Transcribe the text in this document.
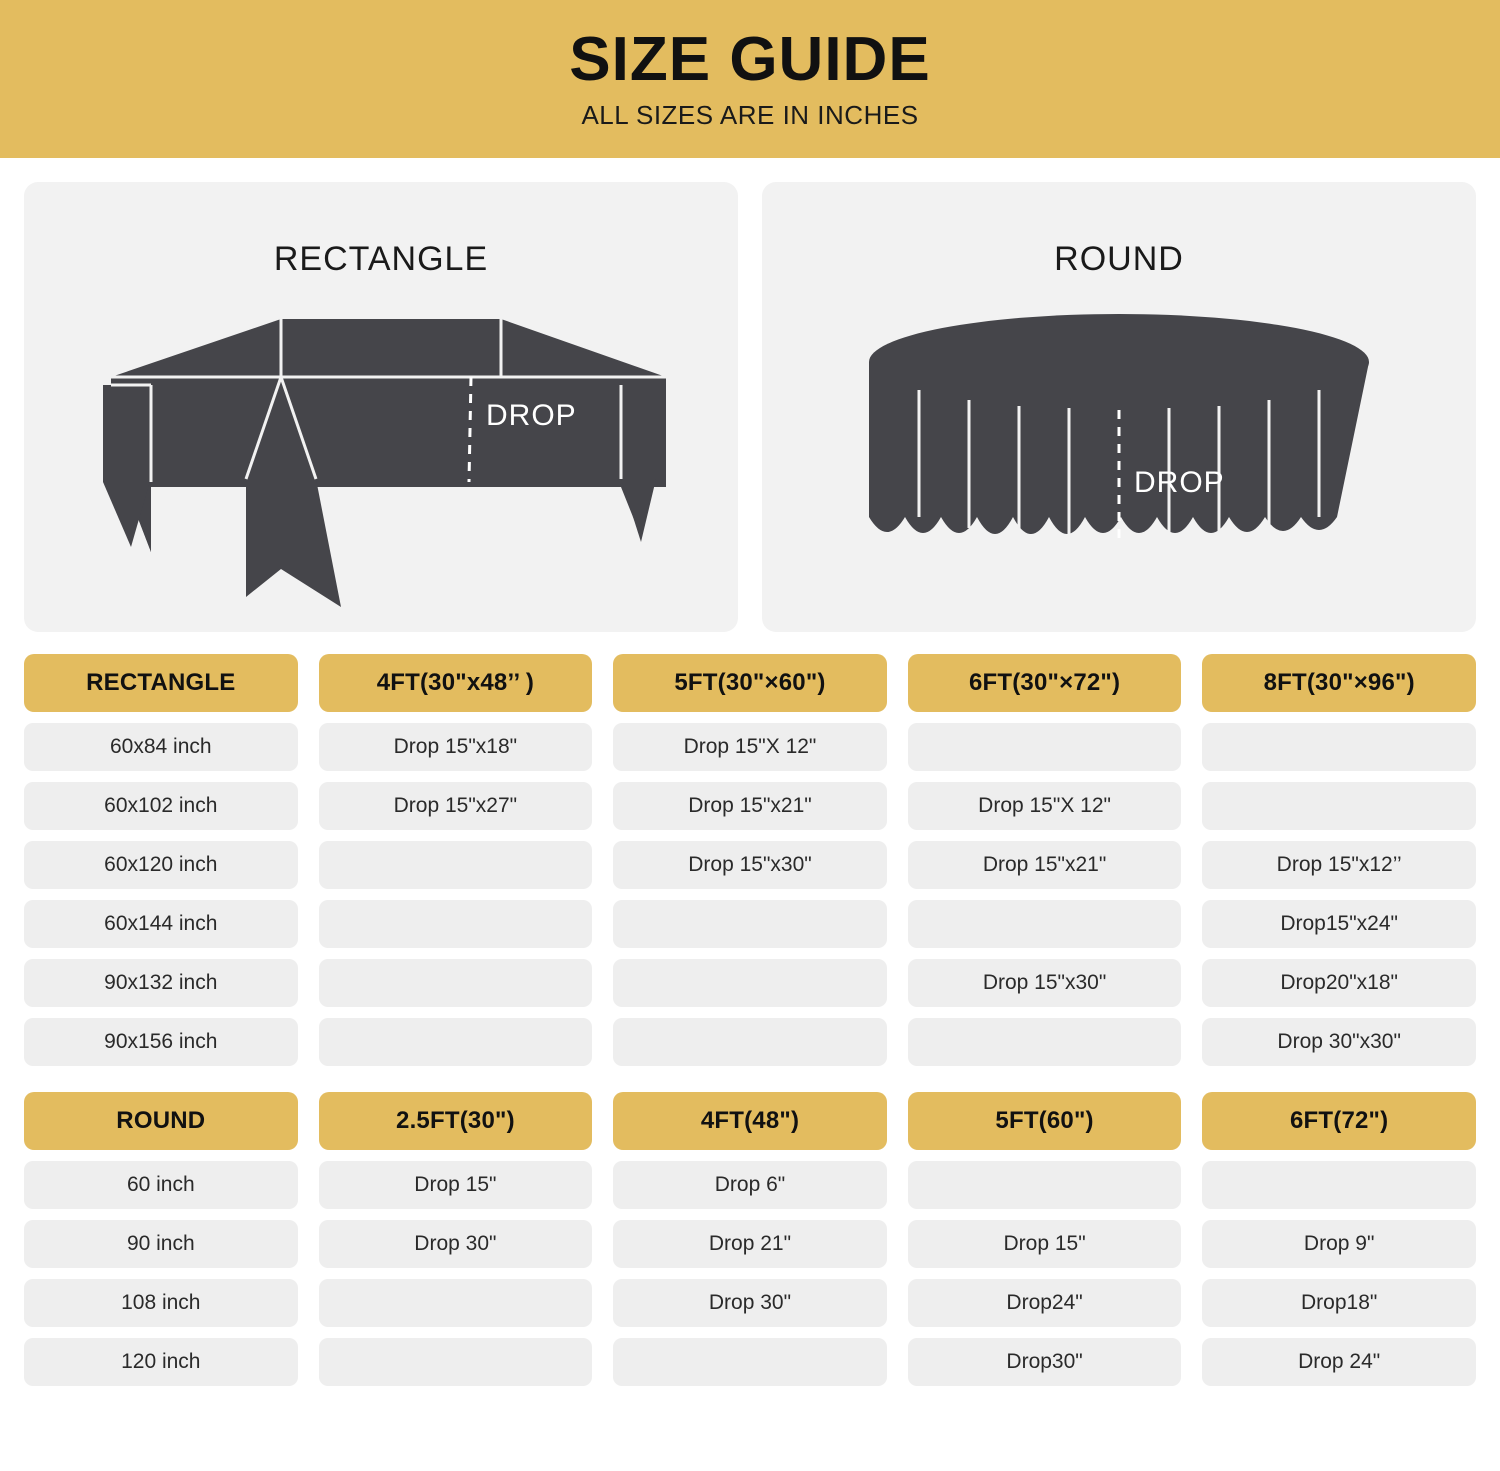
SIZE GUIDE
ALL SIZES ARE IN INCHES
RECTANGLE
DROP
ROUND
DROP
RECTANGLE
60x84 inch
60x102 inch
60x120 inch
60x144 inch
90x132 inch
90x156 inch
4FT(30"x48’’ )
Drop 15"x18"
Drop 15"x27"
5FT(30"×60")
Drop 15"X 12"
Drop 15"x21"
Drop 15"x30"
6FT(30"×72")
Drop 15"X 12"
Drop 15"x21"
Drop 15"x30"
8FT(30"×96")
Drop 15"x12’’
Drop15"x24"
Drop20"x18"
Drop 30"x30"
ROUND
60 inch
90 inch
108 inch
120 inch
2.5FT(30")
Drop 15"
Drop 30"
4FT(48")
Drop 6"
Drop 21"
Drop 30"
5FT(60")
Drop 15"
Drop24"
Drop30"
6FT(72")
Drop 9"
Drop18"
Drop 24"
